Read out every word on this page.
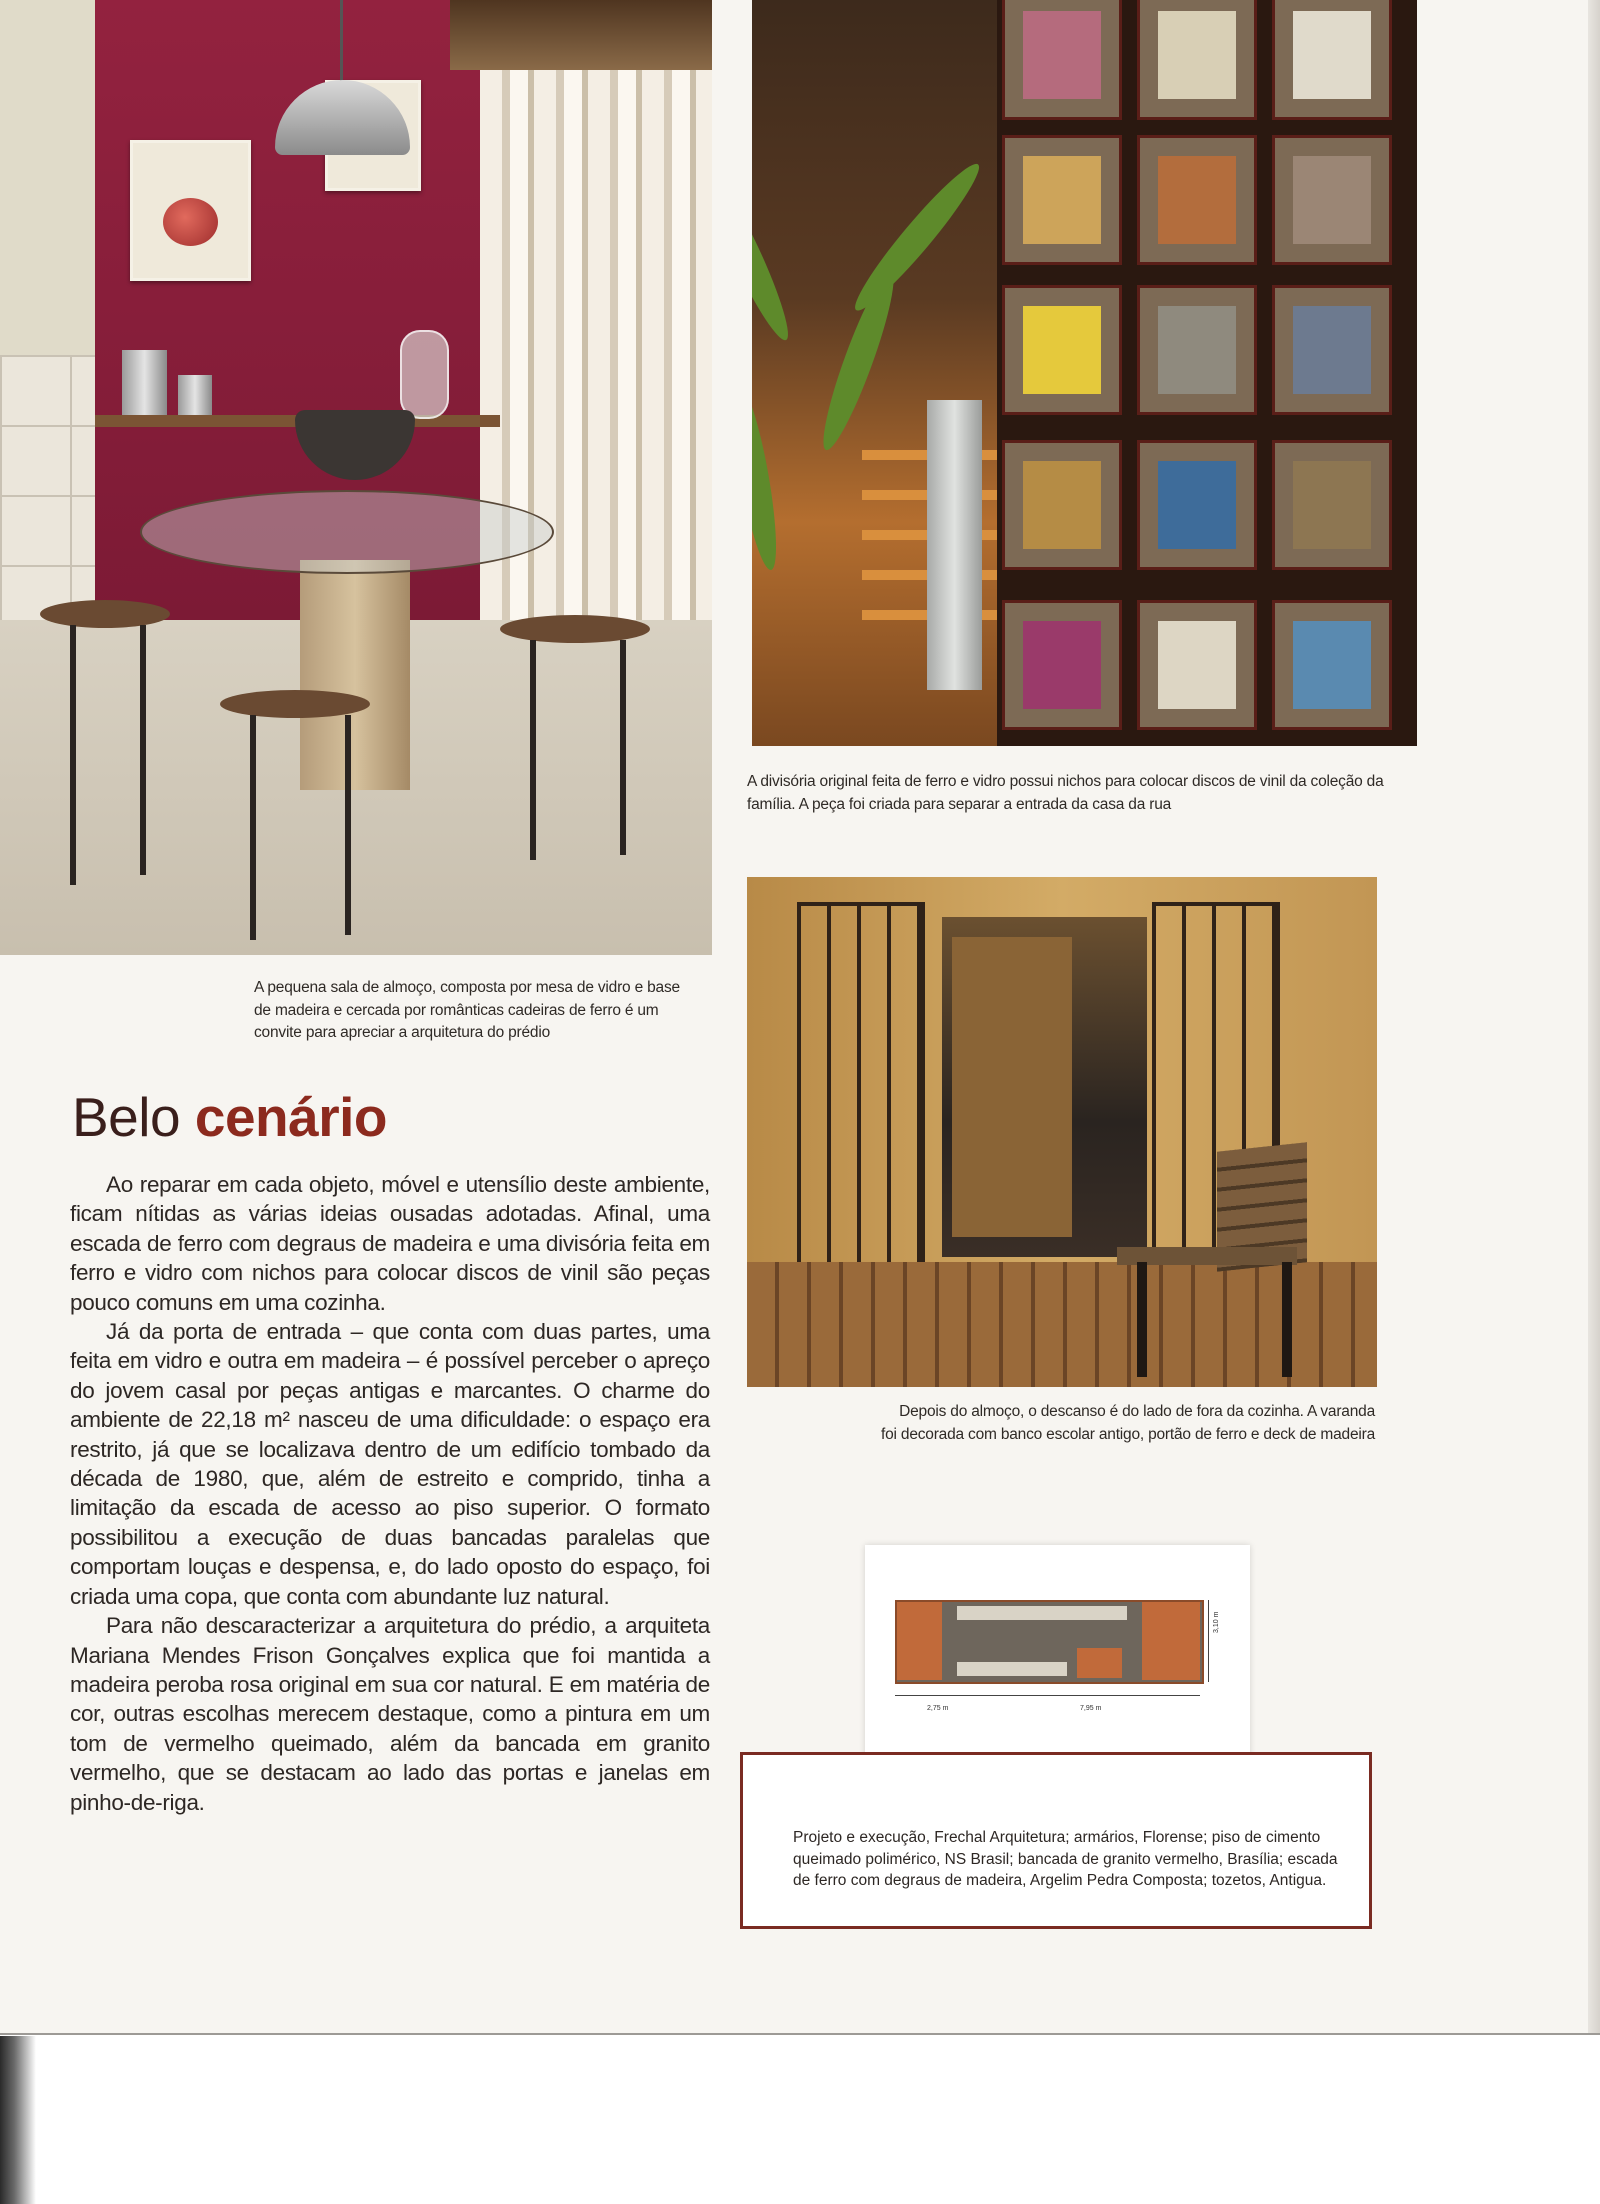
A pequena sala de almoço, composta por mesa de vidro e base de madeira e cercada por românticas cadeiras de ferro é um convite para apreciar a arquitetura do prédio

A divisória original feita de ferro e vidro possui nichos para colocar discos de vinil da coleção da família. A peça foi criada para separar a entrada da casa da rua

Depois do almoço, o descanso é do lado de fora da cozinha. A varanda foi decorada com banco escolar antigo, portão de ferro e deck de madeira

Belo cenário

Ao reparar em cada objeto, móvel e utensílio deste ambiente, ficam nítidas as várias ideias ousadas adotadas. Afinal, uma escada de ferro com degraus de madeira e uma divisória feita em ferro e vidro com nichos para colocar discos de vinil são peças pouco comuns em uma cozinha.

Já da porta de entrada – que conta com duas partes, uma feita em vidro e outra em madeira – é possível perceber o apreço do jovem casal por peças antigas e marcantes. O charme do ambiente de 22,18 m² nasceu de uma dificuldade: o espaço era restrito, já que se localizava dentro de um edifício tombado da década de 1980, que, além de estreito e comprido, tinha a limitação da escada de acesso ao piso superior. O formato possibilitou a execução de duas bancadas paralelas que comportam louças e despensa, e, do lado oposto do espaço, foi criada uma copa, que conta com abundante luz natural.

Para não descaracterizar a arquitetura do prédio, a arquiteta Mariana Mendes Frison Gonçalves explica que foi mantida a madeira peroba rosa original em sua cor natural. E em matéria de cor, outras escolhas merecem destaque, como a pintura em um tom de vermelho queimado, além da bancada em granito vermelho, que se destacam ao lado das portas e janelas em pinho-de-riga.

2,75 m	7,95 m
3,10 m

Projeto e execução, Frechal Arquitetura; armários, Florense; piso de cimento queimado polimérico, NS Brasil; bancada de granito vermelho, Brasília; escada de ferro com degraus de madeira, Argelim Pedra Composta; tozetos, Antigua.
